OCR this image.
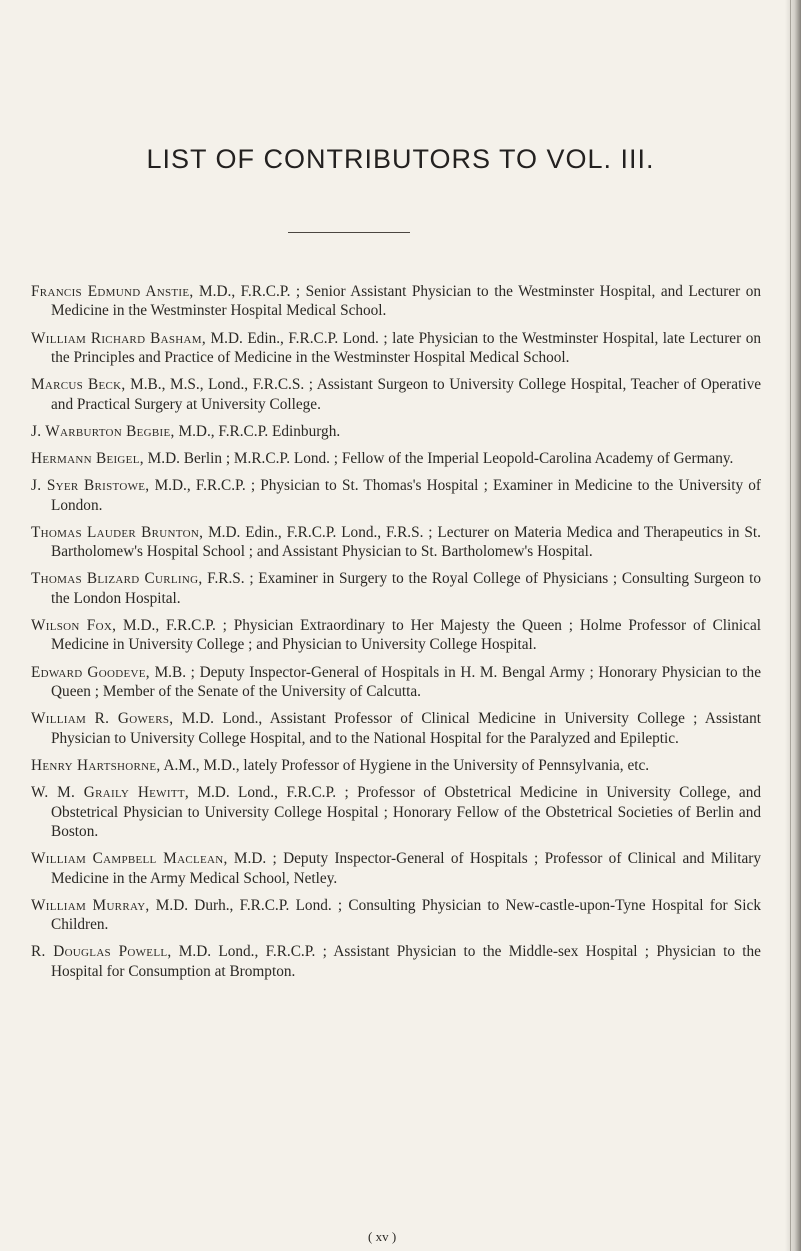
LIST OF CONTRIBUTORS TO VOL. III.

Francis Edmund Anstie, M.D., F.R.C.P. ; Senior Assistant Physician to the Westminster Hospital, and Lecturer on Medicine in the Westminster Hospital Medical School.

William Richard Basham, M.D. Edin., F.R.C.P. Lond. ; late Physician to the Westminster Hospital, late Lecturer on the Principles and Practice of Medicine in the Westminster Hospital Medical School.

Marcus Beck, M.B., M.S., Lond., F.R.C.S. ; Assistant Surgeon to University College Hospital, Teacher of Operative and Practical Surgery at University College.

J. Warburton Begbie, M.D., F.R.C.P. Edinburgh.

Hermann Beigel, M.D. Berlin ; M.R.C.P. Lond. ; Fellow of the Imperial Leopold-Carolina Academy of Germany.

J. Syer Bristowe, M.D., F.R.C.P. ; Physician to St. Thomas's Hospital ; Examiner in Medicine to the University of London.

Thomas Lauder Brunton, M.D. Edin., F.R.C.P. Lond., F.R.S. ; Lecturer on Materia Medica and Therapeutics in St. Bartholomew's Hospital School ; and Assistant Physician to St. Bartholomew's Hospital.

Thomas Blizard Curling, F.R.S. ; Examiner in Surgery to the Royal College of Physicians ; Consulting Surgeon to the London Hospital.

Wilson Fox, M.D., F.R.C.P. ; Physician Extraordinary to Her Majesty the Queen ; Holme Professor of Clinical Medicine in University College ; and Physician to University College Hospital.

Edward Goodeve, M.B. ; Deputy Inspector-General of Hospitals in H. M. Bengal Army ; Honorary Physician to the Queen ; Member of the Senate of the University of Calcutta.

William R. Gowers, M.D. Lond., Assistant Professor of Clinical Medicine in University College ; Assistant Physician to University College Hospital, and to the National Hospital for the Paralyzed and Epileptic.

Henry Hartshorne, A.M., M.D., lately Professor of Hygiene in the University of Pennsylvania, etc.

W. M. Graily Hewitt, M.D. Lond., F.R.C.P. ; Professor of Obstetrical Medicine in University College, and Obstetrical Physician to University College Hospital ; Honorary Fellow of the Obstetrical Societies of Berlin and Boston.

William Campbell Maclean, M.D. ; Deputy Inspector-General of Hospitals ; Professor of Clinical and Military Medicine in the Army Medical School, Netley.

William Murray, M.D. Durh., F.R.C.P. Lond. ; Consulting Physician to New-castle-upon-Tyne Hospital for Sick Children.

R. Douglas Powell, M.D. Lond., F.R.C.P. ; Assistant Physician to the Middle-sex Hospital ; Physician to the Hospital for Consumption at Brompton.

( xv )
